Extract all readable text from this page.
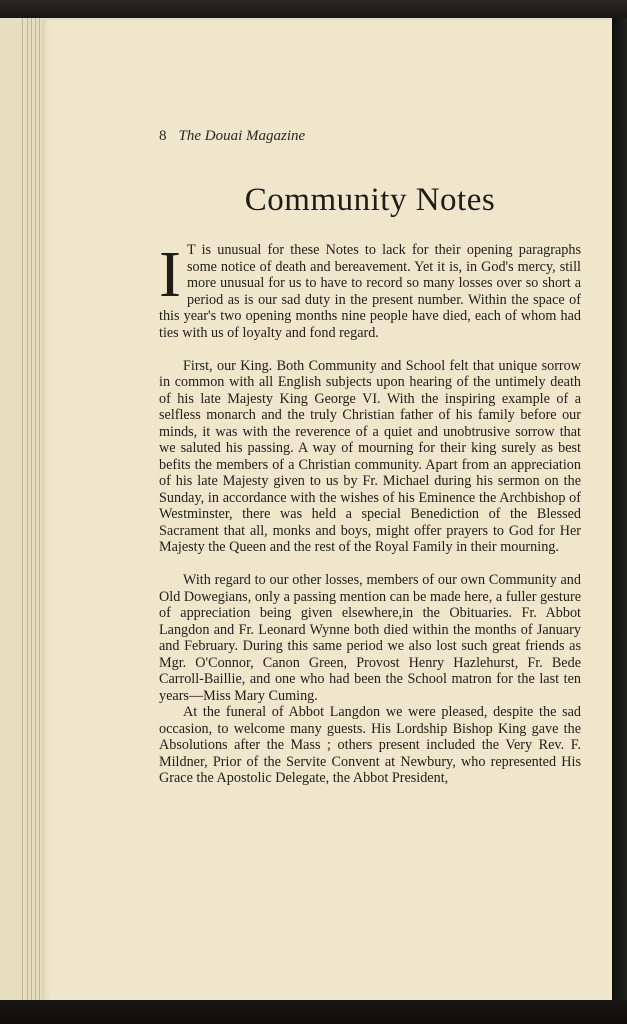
8 The Douai Magazine
Community Notes

I T is unusual for these Notes to lack for their opening paragraphs some notice of death and bereavement. Yet it is, in God's mercy, still more unusual for us to have to record so many losses over so short a period as is our sad duty in the present number. Within the space of this year's two opening months nine people have died, each of whom had ties with us of loyalty and fond regard.

First, our King. Both Community and School felt that unique sorrow in common with all English subjects upon hearing of the untimely death of his late Majesty King George VI. With the inspiring example of a selfless monarch and the truly Christian father of his family before our minds, it was with the reverence of a quiet and unobtrusive sorrow that we saluted his passing. A way of mourning for their king surely as best befits the members of a Christian community. Apart from an appreciation of his late Majesty given to us by Fr. Michael during his sermon on the Sunday, in accordance with the wishes of his Eminence the Archbishop of Westminster, there was held a special Benediction of the Blessed Sacrament that all, monks and boys, might offer prayers to God for Her Majesty the Queen and the rest of the Royal Family in their mourning.

With regard to our other losses, members of our own Community and Old Dowegians, only a passing mention can be made here, a fuller gesture of appreciation being given elsewhere,in the Obituaries. Fr. Abbot Langdon and Fr. Leonard Wynne both died within the months of January and February. During this same period we also lost such great friends as Mgr. O'Connor, Canon Green, Provost Henry Hazlehurst, Fr. Bede Carroll-Baillie, and one who had been the School matron for the last ten years—Miss Mary Cuming.

At the funeral of Abbot Langdon we were pleased, despite the sad occasion, to welcome many guests. His Lordship Bishop King gave the Absolutions after the Mass ; others present included the Very Rev. F. Mildner, Prior of the Servite Convent at Newbury, who represented His Grace the Apostolic Delegate, the Abbot President,
